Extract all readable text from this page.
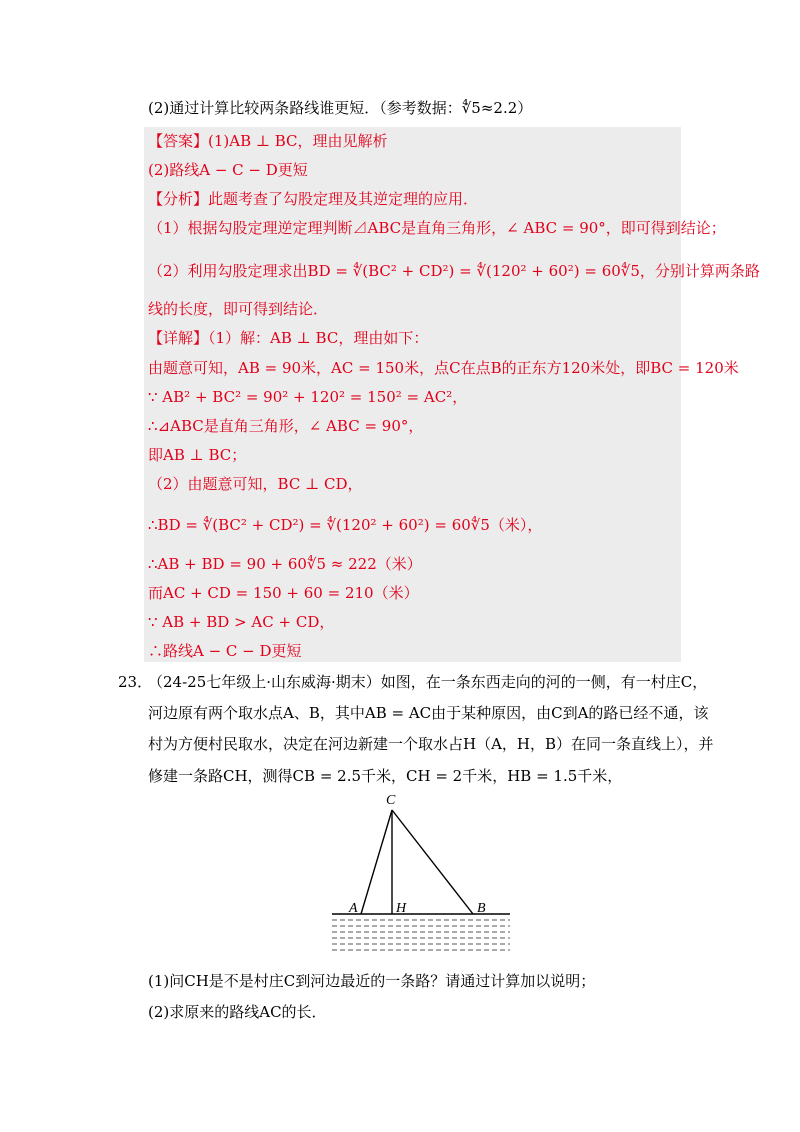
(2)通过计算比较两条路线谁更短．（参考数据：∜5≈2.2）
【答案】(1)AB ⊥ BC，理由见解析
(2)路线A − C − D更短
【分析】此题考查了勾股定理及其逆定理的应用．
（1）根据勾股定理逆定理判断⊿ABC是直角三角形，∠ ABC = 90°，即可得到结论；
（2）利用勾股定理求出BD = ∜(BC² + CD²) = ∜(120² + 60²) = 60∜5，分别计算两条路
线的长度，即可得到结论．
【详解】（1）解：AB ⊥ BC，理由如下：
由题意可知，AB = 90米，AC = 150米，点C在点B的正东方120米处，即BC = 120米
∵ AB² + BC² = 90² + 120² = 150² = AC²，
∴⊿ABC是直角三角形，∠ ABC = 90°，
即AB ⊥ BC；
（2）由题意可知，BC ⊥ CD，
∴BD = ∜(BC² + CD²) = ∜(120² + 60²) = 60∜5（米），
∴AB + BD = 90 + 60∜5 ≈ 222（米）
而AC + CD = 150 + 60 = 210（米）
∵ AB + BD > AC + CD，
∴路线A − C − D更短
23．
（24-25七年级上·山东威海·期末）如图，在一条东西走向的河的一侧，有一村庄C，
河边原有两个取水点A、B，其中AB = AC由于某种原因，由C到A的路已经不通，该
村为方便村民取水，决定在河边新建一个取水占H（A，H，B）在同一条直线上），并
修建一条路CH，测得CB = 2.5千米，CH = 2千米，HB = 1.5千米，
C
A	H	B
(1)问CH是不是村庄C到河边最近的一条路？请通过计算加以说明；
(2)求原来的路线AC的长．
